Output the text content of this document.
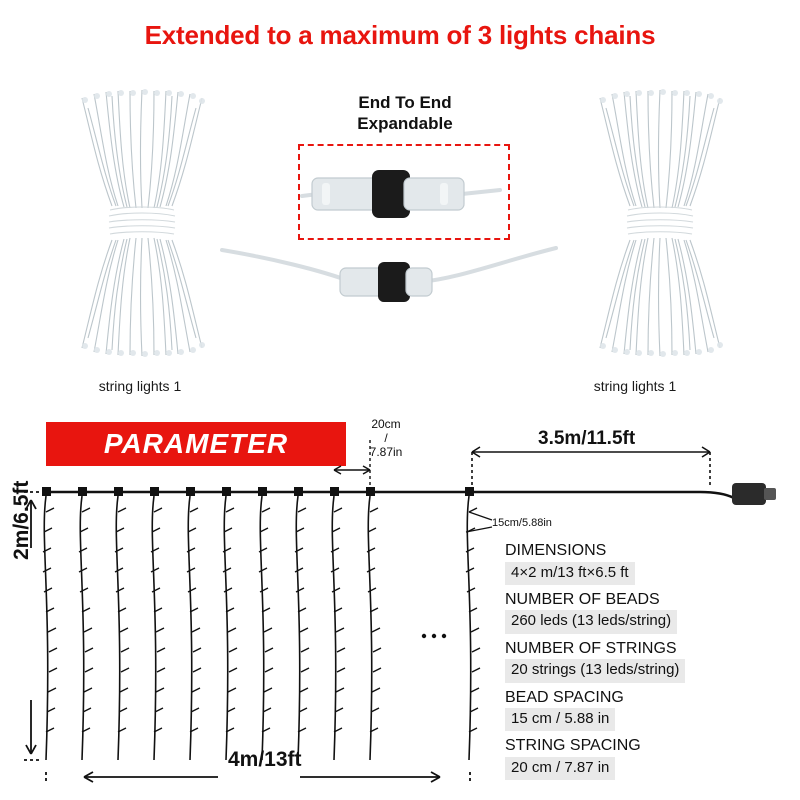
Extended to a maximum of 3 lights chains
string lights 1	string lights 1
End To End
Expandable
PARAMETER
20cm
/
7.87in
3.5m/11.5ft
15cm/5.88in
4m/13ft
2m/6.5ft	DIMENSIONS
4×2 m/13 ft×6.5 ft
NUMBER OF BEADS
260 leds (13 leds/string)
NUMBER OF STRINGS
20 strings (13 leds/string)
BEAD SPACING
15 cm / 5.88 in
STRING SPACING
20 cm / 7.87 in
